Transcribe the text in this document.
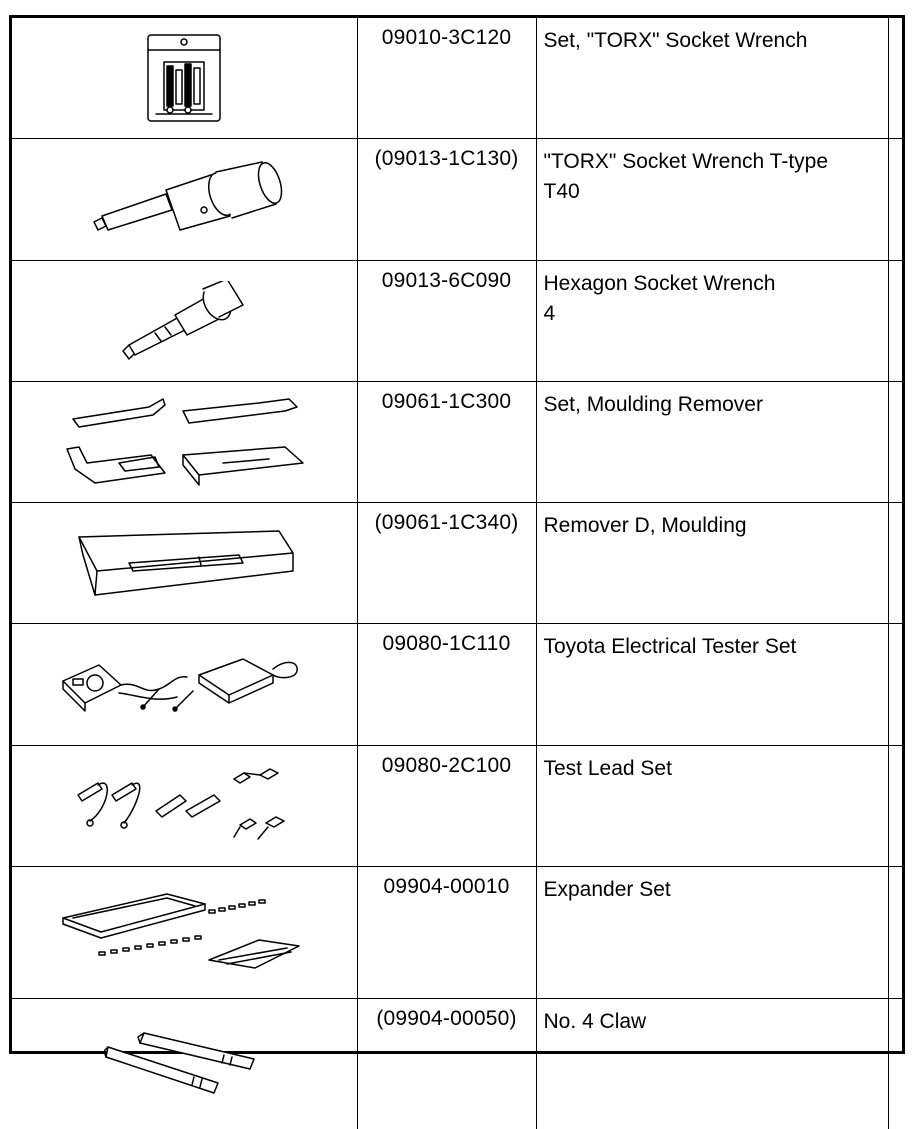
	09010-3C120	Set, "TORX" Socket Wrench	

	(09013-1C130)	"TORX" Socket Wrench T-type
T40	

	09013-6C090	Hexagon Socket Wrench
4	

	09061-1C300	Set, Moulding Remover	

	(09061-1C340)	Remover D, Moulding	

	09080-1C110	Toyota Electrical Tester Set	

	09080-2C100	Test Lead Set	

	09904-00010	Expander Set	

	(09904-00050)	No. 4 Claw	
